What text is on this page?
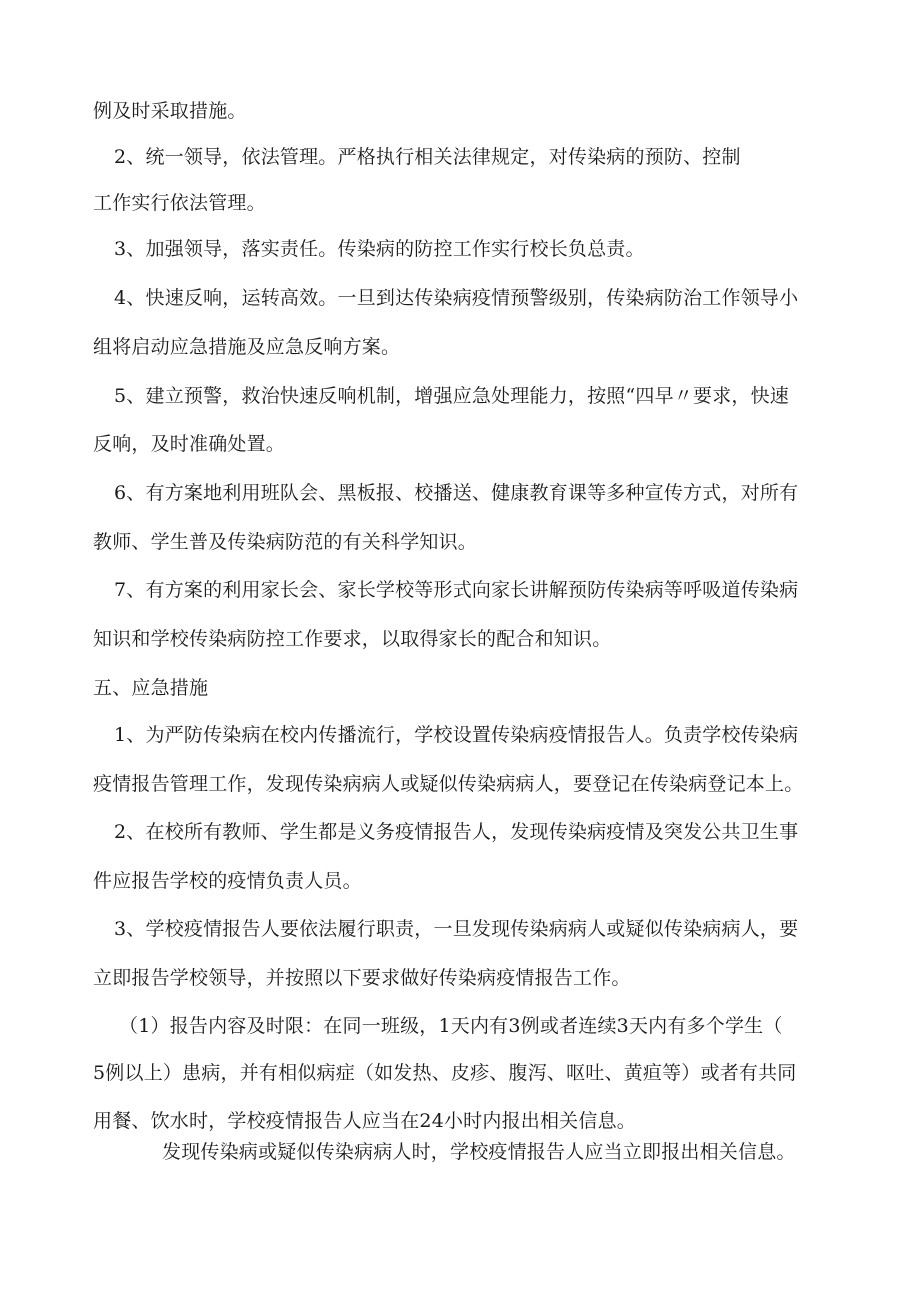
例及时采取措施。
2、统一领导，依法管理。严格执行相关法律规定，对传染病的预防、控制
工作实行依法管理。
3、加强领导，落实责任。传染病的防控工作实行校长负总责。
4、快速反响，运转高效。一旦到达传染病疫情预警级别，传染病防治工作领导小
组将启动应急措施及应急反响方案。
5、建立预警，救治快速反响机制，增强应急处理能力，按照“四早〃要求，快速
反响，及时准确处置。
6、有方案地利用班队会、黑板报、校播送、健康教育课等多种宣传方式，对所有
教师、学生普及传染病防范的有关科学知识。
7、有方案的利用家长会、家长学校等形式向家长讲解预防传染病等呼吸道传染病
知识和学校传染病防控工作要求，以取得家长的配合和知识。
五、应急措施
1、为严防传染病在校内传播流行，学校设置传染病疫情报告人。负责学校传染病
疫情报告管理工作，发现传染病病人或疑似传染病病人，要登记在传染病登记本上。
2、在校所有教师、学生都是义务疫情报告人，发现传染病疫情及突发公共卫生事
件应报告学校的疫情负责人员。
3、学校疫情报告人要依法履行职责，一旦发现传染病病人或疑似传染病病人，要
立即报告学校领导，并按照以下要求做好传染病疫情报告工作。
（1）报告内容及时限：在同一班级，1天内有3例或者连续3天内有多个学生（
5例以上）患病，并有相似病症（如发热、皮疹、腹泻、呕吐、黄疸等）或者有共同
用餐、饮水时，学校疫情报告人应当在24小时内报出相关信息。
发现传染病或疑似传染病病人时，学校疫情报告人应当立即报出相关信息。
